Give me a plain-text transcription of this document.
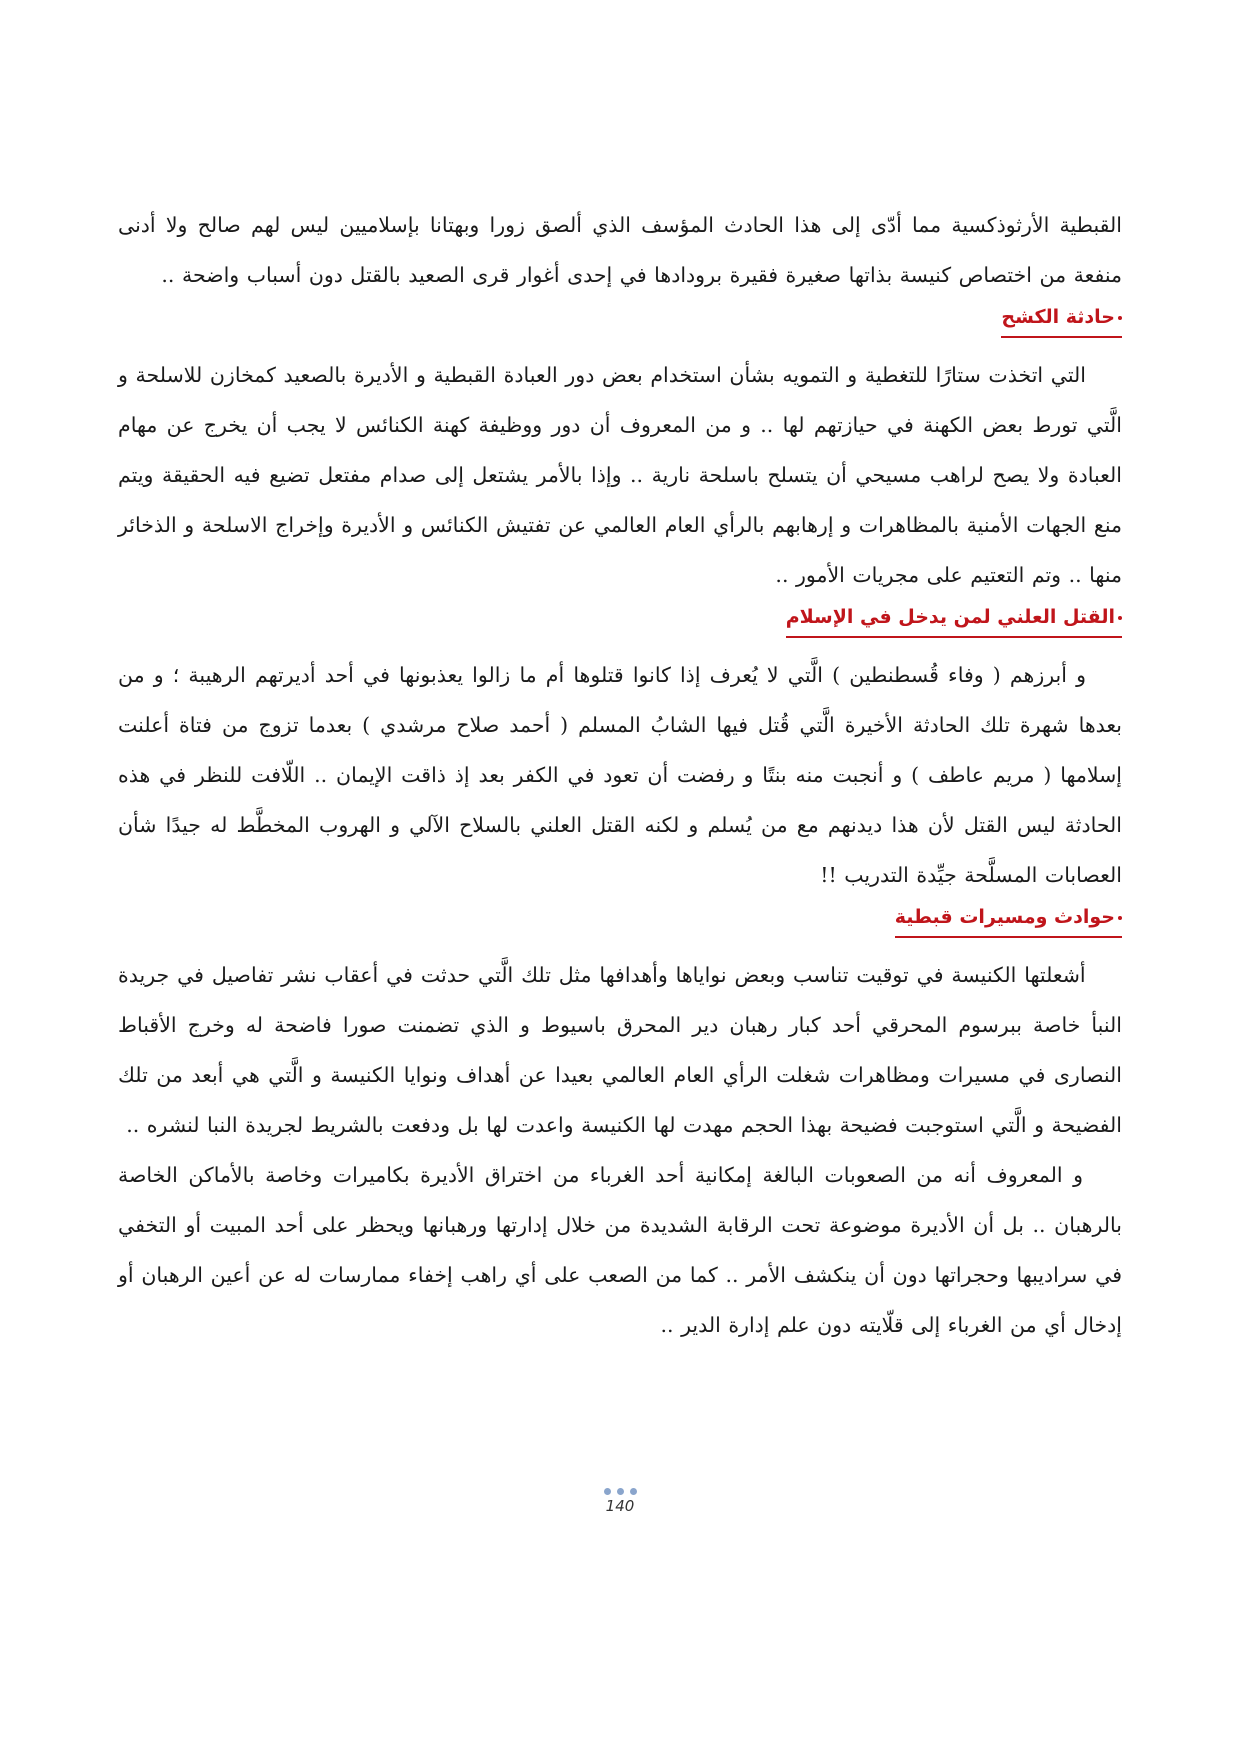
القبطية الأرثوذكسية مما أدّى إلى هذا الحادث المؤسف الذي ألصق زورا وبهتانا بإسلاميين ليس لهم صالح ولا أدنى منفعة من اختصاص كنيسة بذاتها صغيرة فقيرة برودادها في إحدى أغوار قرى الصعيد بالقتل دون أسباب واضحة ..

حادثة الكشح

التي اتخذت ستارًا للتغطية و التمويه بشأن استخدام بعض دور العبادة القبطية و الأديرة بالصعيد كمخازن للاسلحة و الَّتي تورط بعض الكهنة في حيازتهم لها .. و من المعروف أن دور ووظيفة كهنة الكنائس لا يجب أن يخرج عن مهام العبادة ولا يصح لراهب مسيحي أن يتسلح باسلحة نارية .. وإذا بالأمر يشتعل إلى صدام مفتعل تضيع فيه الحقيقة ويتم منع الجهات الأمنية بالمظاهرات و إرهابهم بالرأي العام العالمي عن تفتيش الكنائس و الأديرة وإخراج الاسلحة و الذخائر منها .. وتم التعتيم على مجريات الأمور ..

القتل العلني لمن يدخل في الإسلام

و أبرزهم ( وفاء قُسطنطين ) الَّتي لا يُعرف إذا كانوا قتلوها أم ما زالوا يعذبونها في أحد أديرتهم الرهيبة ؛ و من بعدها شهرة تلك الحادثة الأخيرة الَّتي قُتل فيها الشابُ المسلم ( أحمد صلاح مرشدي ) بعدما تزوج من فتاة أعلنت إسلامها ( مريم عاطف ) و أنجبت منه بنتًا و رفضت أن تعود في الكفر بعد إذ ذاقت الإيمان .. اللّافت للنظر في هذه الحادثة ليس القتل لأن هذا ديدنهم مع من يُسلم و لكنه القتل العلني بالسلاح الآلي و الهروب المخطَّط له جيدًا شأن العصابات المسلَّحة جيِّدة التدريب !!

حوادث ومسيرات قبطية

أشعلتها الكنيسة في توقيت تناسب وبعض نواياها وأهدافها مثل تلك الَّتي حدثت في أعقاب نشر تفاصيل في جريدة النبأ خاصة ببرسوم المحرقي أحد كبار رهبان دير المحرق باسيوط و الذي تضمنت صورا فاضحة له وخرج الأقباط النصارى في مسيرات ومظاهرات شغلت الرأي العام العالمي بعيدا عن أهداف ونوايا الكنيسة و الَّتي هي أبعد من تلك الفضيحة و الَّتي استوجبت فضيحة بهذا الحجم مهدت لها الكنيسة واعدت لها بل ودفعت بالشريط لجريدة النبا لنشره ..

و المعروف أنه من الصعوبات البالغة إمكانية أحد الغرباء من اختراق الأديرة بكاميرات وخاصة بالأماكن الخاصة بالرهبان .. بل أن الأديرة موضوعة تحت الرقابة الشديدة من خلال إدارتها ورهبانها ويحظر على أحد المبيت أو التخفي في سراديبها وحجراتها دون أن ينكشف الأمر .. كما من الصعب على أي راهب إخفاء ممارسات له عن أعين الرهبان أو إدخال أي من الغرباء إلى قلّايته دون علم إدارة الدير ..

140
